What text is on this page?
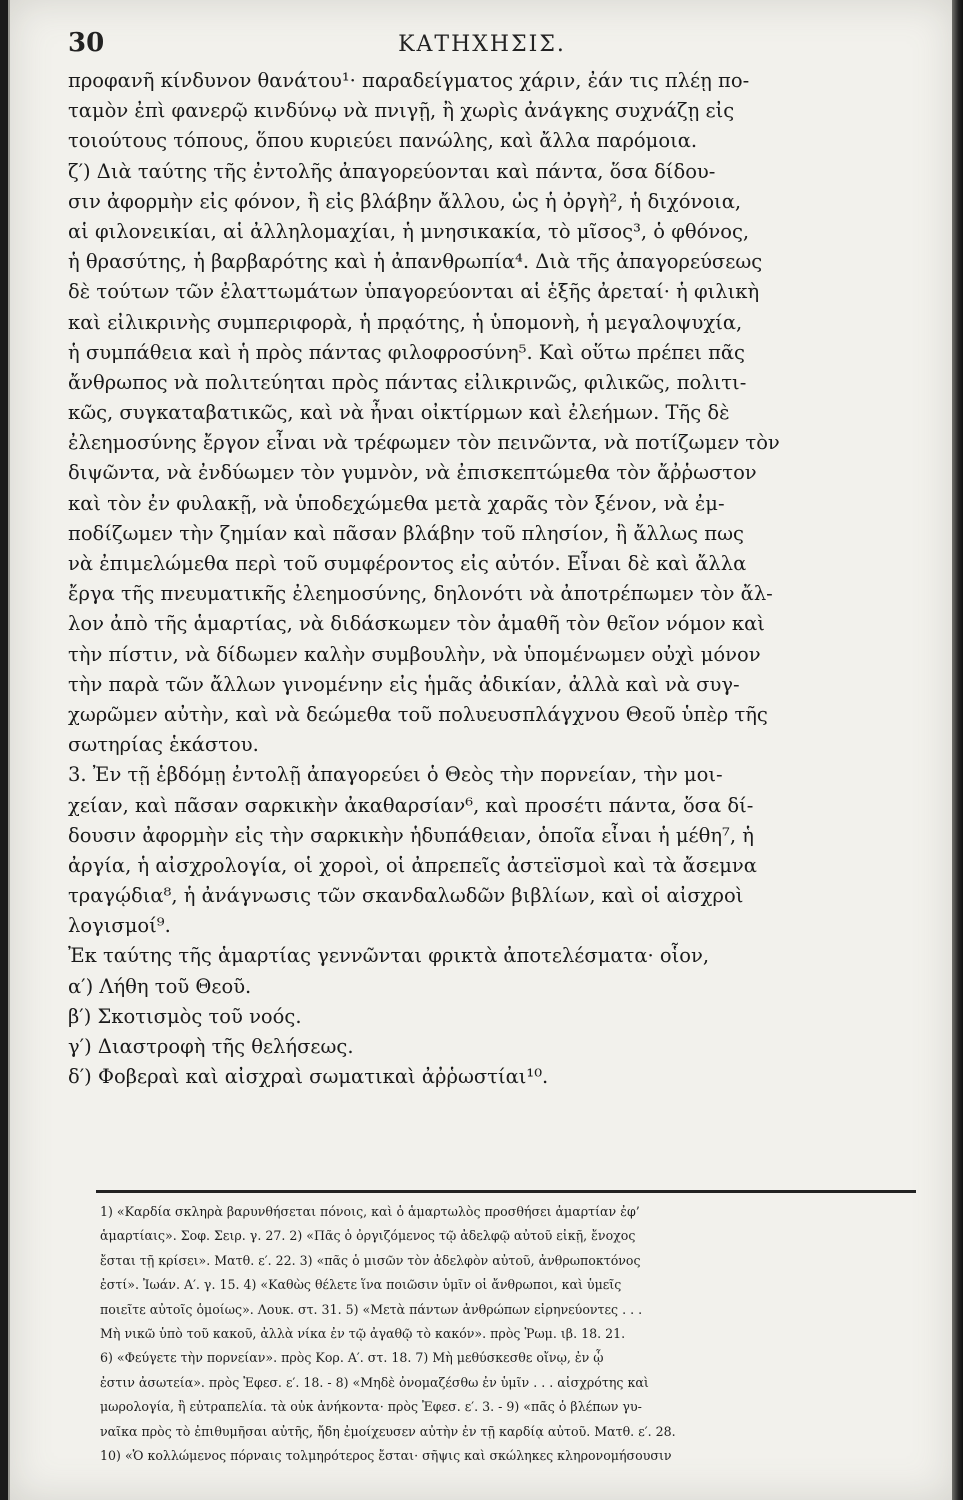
30	ΚΑΤΗΧΗΣΙΣ.
προφανῆ κίνδυνον θανάτου¹· παραδείγματος χάριν, ἐάν τις πλέῃ πο-
ταμὸν ἐπὶ φανερῷ κινδύνῳ νὰ πνιγῇ, ἢ χωρὶς ἀνάγκης συχνάζῃ εἰς
τοιούτους τόπους, ὅπου κυριεύει πανώλης, καὶ ἄλλα παρόμοια.
ζ′) Διὰ ταύτης τῆς ἐντολῆς ἀπαγορεύονται καὶ πάντα, ὅσα δίδου-
σιν ἀφορμὴν εἰς φόνον, ἢ εἰς βλάβην ἄλλου, ὡς ἡ ὀργὴ², ἡ διχόνοια,
αἱ φιλονεικίαι, αἱ ἀλληλομαχίαι, ἡ μνησικακία, τὸ μῖσος³, ὁ φθόνος,
ἡ θρασύτης, ἡ βαρβαρότης καὶ ἡ ἀπανθρωπία⁴. Διὰ τῆς ἀπαγορεύσεως
δὲ τούτων τῶν ἐλαττωμάτων ὑπαγορεύονται αἱ ἑξῆς ἀρεταί· ἡ φιλικὴ
καὶ εἰλικρινὴς συμπεριφορὰ, ἡ πρᾳότης, ἡ ὑπομονὴ, ἡ μεγαλοψυχία,
ἡ συμπάθεια καὶ ἡ πρὸς πάντας φιλοφροσύνη⁵. Καὶ οὕτω πρέπει πᾶς
ἄνθρωπος νὰ πολιτεύηται πρὸς πάντας εἰλικρινῶς, φιλικῶς, πολιτι-
κῶς, συγκαταβατικῶς, καὶ νὰ ἦναι οἰκτίρμων καὶ ἐλεήμων. Τῆς δὲ
ἐλεημοσύνης ἔργον εἶναι νὰ τρέφωμεν τὸν πεινῶντα, νὰ ποτίζωμεν τὸν
διψῶντα, νὰ ἐνδύωμεν τὸν γυμνὸν, νὰ ἐπισκεπτώμεθα τὸν ἄῤῥωστον
καὶ τὸν ἐν φυλακῇ, νὰ ὑποδεχώμεθα μετὰ χαρᾶς τὸν ξένον, νὰ ἐμ-
ποδίζωμεν τὴν ζημίαν καὶ πᾶσαν βλάβην τοῦ πλησίον, ἢ ἄλλως πως
νὰ ἐπιμελώμεθα περὶ τοῦ συμφέροντος εἰς αὐτόν. Εἶναι δὲ καὶ ἄλλα
ἔργα τῆς πνευματικῆς ἐλεημοσύνης, δηλονότι νὰ ἀποτρέπωμεν τὸν ἄλ-
λον ἀπὸ τῆς ἁμαρτίας, νὰ διδάσκωμεν τὸν ἀμαθῆ τὸν θεῖον νόμον καὶ
τὴν πίστιν, νὰ δίδωμεν καλὴν συμβουλὴν, νὰ ὑπομένωμεν οὐχὶ μόνον
τὴν παρὰ τῶν ἄλλων γινομένην εἰς ἡμᾶς ἀδικίαν, ἀλλὰ καὶ νὰ συγ-
χωρῶμεν αὐτὴν, καὶ νὰ δεώμεθα τοῦ πολυευσπλάγχνου Θεοῦ ὑπὲρ τῆς
σωτηρίας ἑκάστου.
3. Ἐν τῇ ἑβδόμῃ ἐντολῇ ἀπαγορεύει ὁ Θεὸς τὴν πορνείαν, τὴν μοι-
χείαν, καὶ πᾶσαν σαρκικὴν ἀκαθαρσίαν⁶, καὶ προσέτι πάντα, ὅσα δί-
δουσιν ἀφορμὴν εἰς τὴν σαρκικὴν ἡδυπάθειαν, ὁποῖα εἶναι ἡ μέθη⁷, ἡ
ἀργία, ἡ αἰσχρολογία, οἱ χοροὶ, οἱ ἀπρεπεῖς ἀστεϊσμοὶ καὶ τὰ ἄσεμνα
τραγῴδια⁸, ἡ ἀνάγνωσις τῶν σκανδαλωδῶν βιβλίων, καὶ οἱ αἰσχροὶ
λογισμοί⁹.
Ἐκ ταύτης τῆς ἁμαρτίας γεννῶνται φρικτὰ ἀποτελέσματα· οἷον,
α′) Λήθη τοῦ Θεοῦ.
β′) Σκοτισμὸς τοῦ νοός.
γ′) Διαστροφὴ τῆς θελήσεως.
δ′) Φοβεραὶ καὶ αἰσχραὶ σωματικαὶ ἀῤῥωστίαι¹⁰.
1) «Καρδία σκληρὰ βαρυνθήσεται πόνοις, καὶ ὁ ἁμαρτωλὸς προσθήσει ἁμαρτίαν ἐφ’
ἁμαρτίαις». Σοφ. Σειρ. γ. 27. 2) «Πᾶς ὁ ὀργιζόμενος τῷ ἀδελφῷ αὐτοῦ εἰκῇ, ἔνοχος
ἔσται τῇ κρίσει». Ματθ. ε′. 22. 3) «πᾶς ὁ μισῶν τὸν ἀδελφὸν αὐτοῦ, ἀνθρωποκτόνος
ἐστί». Ἰωάν. Α′. γ. 15. 4) «Καθὼς θέλετε ἵνα ποιῶσιν ὑμῖν οἱ ἄνθρωποι, καὶ ὑμεῖς
ποιεῖτε αὐτοῖς ὁμοίως». Λουκ. στ. 31. 5) «Μετὰ πάντων ἀνθρώπων εἰρηνεύοντες . . .
Μὴ νικῶ ὑπὸ τοῦ κακοῦ, ἀλλὰ νίκα ἐν τῷ ἀγαθῷ τὸ κακόν». πρὸς Ῥωμ. ιβ. 18. 21.
6) «Φεύγετε τὴν πορνείαν». πρὸς Κορ. Α′. στ. 18. 7) Μὴ μεθύσκεσθε οἴνῳ, ἐν ᾧ
ἐστιν ἀσωτεία». πρὸς Ἐφεσ. ε′. 18. - 8) «Μηδὲ ὀνομαζέσθω ἐν ὑμῖν . . . αἰσχρότης καὶ
μωρολογία, ἢ εὐτραπελία. τὰ οὐκ ἀνήκοντα· πρὸς Ἐφεσ. ε′. 3. - 9) «πᾶς ὁ βλέπων γυ-
ναῖκα πρὸς τὸ ἐπιθυμῆσαι αὐτῆς, ἤδη ἐμοίχευσεν αὐτὴν ἐν τῇ καρδίᾳ αὐτοῦ. Ματθ. ε′. 28.
10) «Ὁ κολλώμενος πόρναις τολμηρότερος ἔσται· σῆψις καὶ σκώληκες κληρονομήσουσιν
